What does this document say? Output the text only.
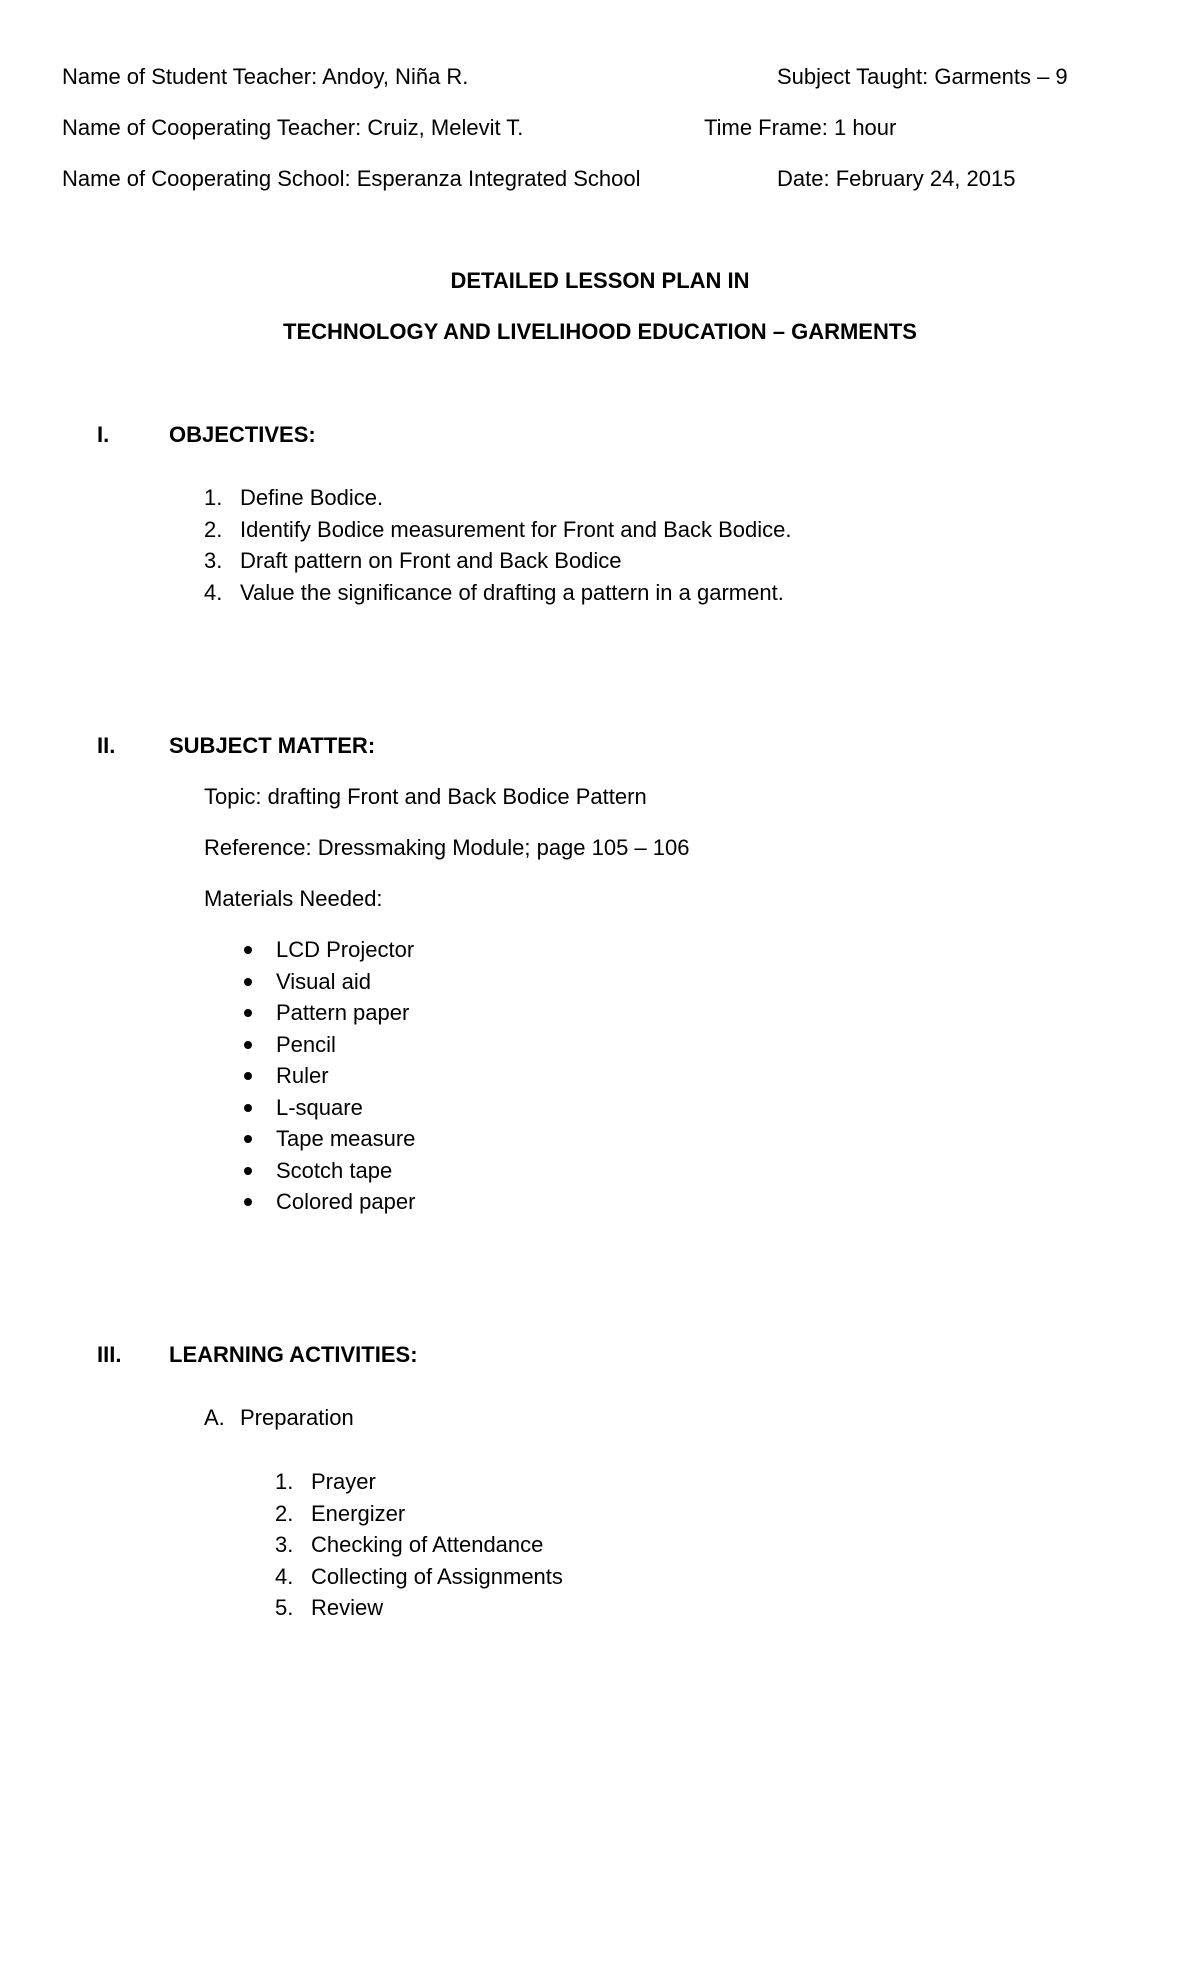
Name of Student Teacher: Andoy, Niña R.	Subject Taught: Garments – 9
Name of Cooperating Teacher: Cruiz, Melevit T.	Time Frame: 1 hour
Name of Cooperating School: Esperanza Integrated School	Date: February 24, 2015
DETAILED LESSON PLAN IN
TECHNOLOGY AND LIVELIHOOD EDUCATION – GARMENTS
I.	OBJECTIVES:
1. Define Bodice.
2. Identify Bodice measurement for Front and Back Bodice.
3. Draft pattern on Front and Back Bodice
4. Value the significance of drafting a pattern in a garment.
II. SUBJECT MATTER:
Topic: drafting Front and Back Bodice Pattern
Reference: Dressmaking Module; page 105 – 106
Materials Needed:
LCD Projector
Visual aid
Pattern paper
Pencil
Ruler
L-square
Tape measure
Scotch tape
Colored paper
III. LEARNING ACTIVITIES:
A. Preparation
1. Prayer
2. Energizer
3. Checking of Attendance
4. Collecting of Assignments
5. Review
